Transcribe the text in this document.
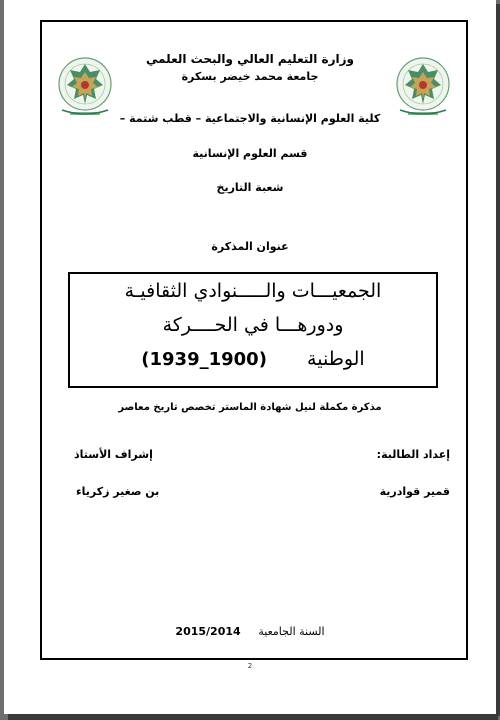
وزارة التعليم العالي والبحث العلمي
جامعة محمد خيضر بسكرة
كلية العلوم الإنسانية والاجتماعية – قطب شتمة –
قسم العلوم الإنسانية
شعبة التاريخ
عنوان المذكرة
الجمعيـــات والـــــنوادي الثقافيـة
ودورهـــا في الحــــركة
الوطنية  (1900_1939)
مذكرة مكملة لنيل شهادة الماستر تخصص تاريخ معاصر
إعداد الطالبة:
قمير قوادرية
إشراف الأستاذ
بن صغير زكرياء
السنة الجامعية  2015/2014
2
